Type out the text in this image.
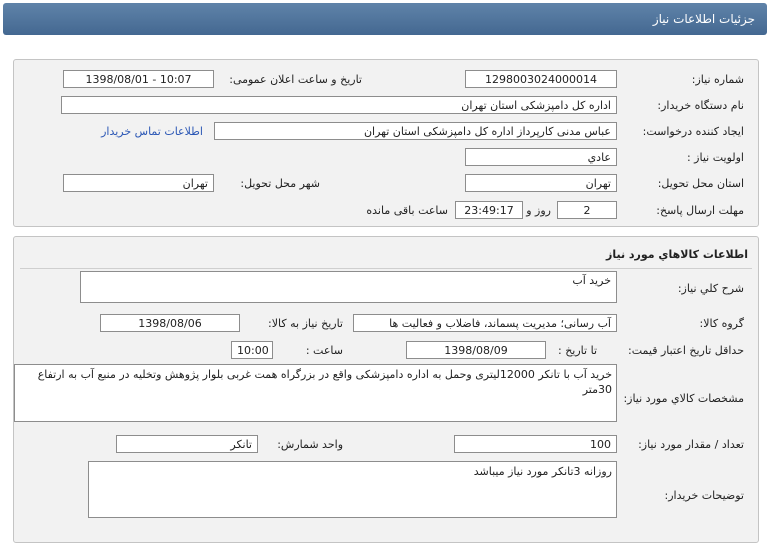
جزئیات اطلاعات نیاز
شماره نیاز:
1298003024000014
تاریخ و ساعت اعلان عمومی:
1398/08/01 - 10:07
نام دستگاه خریدار:
اداره کل دامپزشکی استان تهران
ایجاد کننده درخواست:
عباس مدنی کارپرداز اداره کل دامپزشکی استان تهران
اطلاعات تماس خریدار
اولویت نیاز :
عادي
استان محل تحویل:
تهران
شهر محل تحویل:
تهران
مهلت ارسال پاسخ:
2
روز و
23:49:17
ساعت باقی مانده
اطلاعات کالاهاي مورد نياز
شرح کلي نياز:
خرید آب
گروه کالا:
آب رسانی؛ مدیریت پسماند، فاضلاب و فعالیت ها
تاریخ نیاز به کالا:
1398/08/06
حداقل تاریخ اعتبار قیمت:
تا تاریخ :
1398/08/09
ساعت :
10:00
مشخصات کالاي مورد نياز:
خرید آب با تانکر 12000لیتری وحمل به اداره دامپزشکی واقع در بزرگراه همت غربی بلوار پژوهش وتخلیه در منبع آب به ارتفاع 30متر
تعداد / مقدار مورد نياز:
100
واحد شمارش:
تانکر
توضيحات خريدار:
روزانه 3تانکر مورد نیاز میباشد
